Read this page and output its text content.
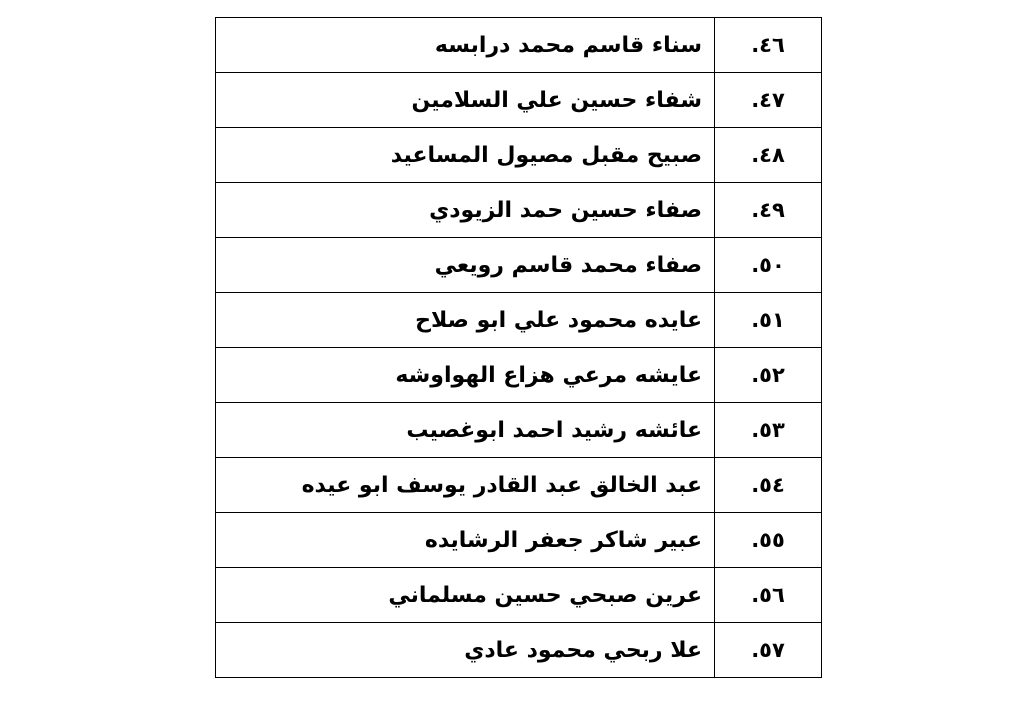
٤٦.	سناء قاسم محمد درابسه
٤٧.	شفاء حسين علي السلامين
٤٨.	صبيح مقبل مصيول المساعيد
٤٩.	صفاء حسين حمد الزيودي
٥٠.	صفاء محمد قاسم رويعي
٥١.	عايده محمود علي ابو صلاح
٥٢.	عايشه مرعي هزاع الهواوشه
٥٣.	عائشه رشيد احمد ابوغصيب
٥٤.	عبد الخالق عبد القادر يوسف ابو عيده
٥٥.	عبير شاكر جعفر الرشايده
٥٦.	عرين صبحي حسين مسلماني
٥٧.	علا ربحي محمود عادي
